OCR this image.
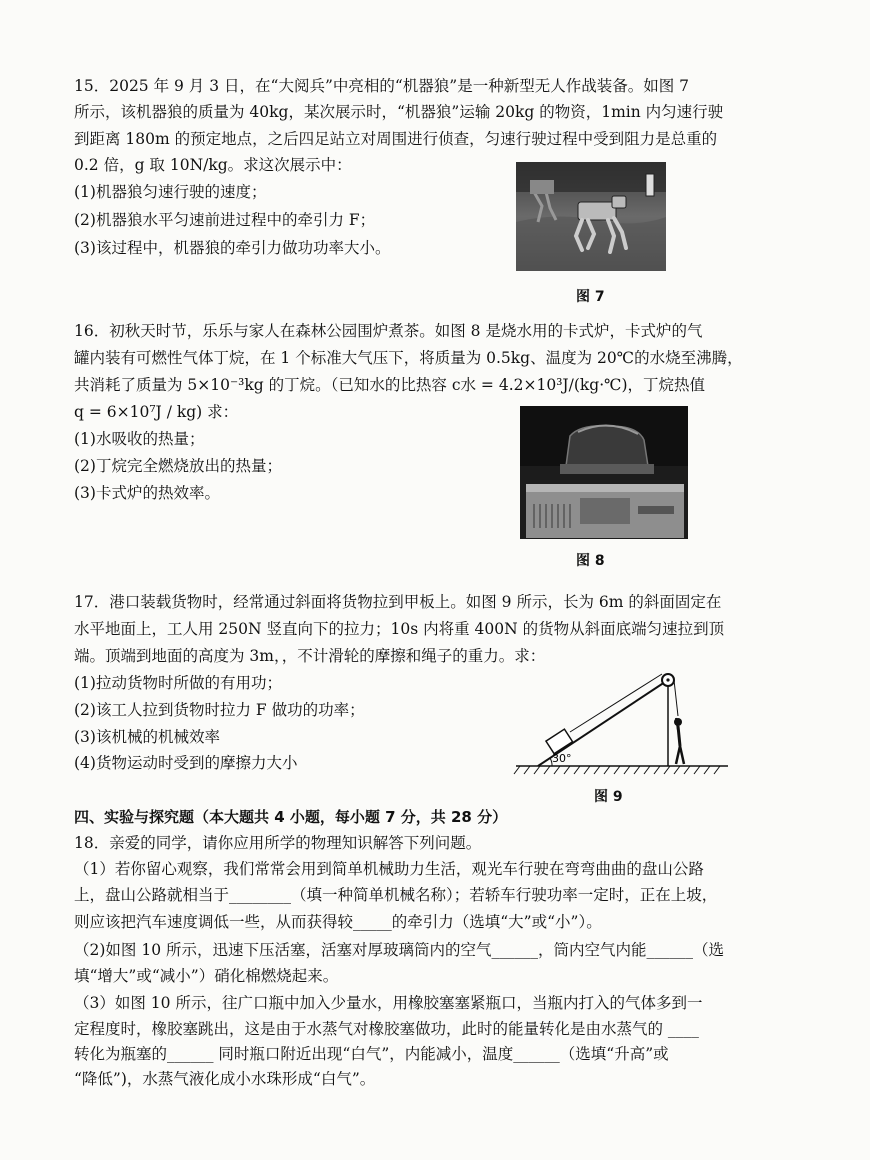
15．2025 年 9 月 3 日，在“大阅兵”中亮相的“机器狼”是一种新型无人作战装备。如图 7
所示，该机器狼的质量为 40kg，某次展示时，“机器狼”运输 20kg 的物资，1min 内匀速行驶
到距离 180m 的预定地点，之后四足站立对周围进行侦查，匀速行驶过程中受到阻力是总重的
0.2 倍，g 取 10N/kg。求这次展示中：
(1)机器狼匀速行驶的速度；
(2)机器狼水平匀速前进过程中的牵引力 F；
(3)该过程中，机器狼的牵引力做功功率大小。
图 7
16．初秋天时节，乐乐与家人在森林公园围炉煮茶。如图 8 是烧水用的卡式炉，卡式炉的气
罐内装有可燃性气体丁烷，在 1 个标准大气压下，将质量为 0.5kg、温度为 20℃的水烧至沸腾，
共消耗了质量为 5×10⁻³kg 的丁烷。（已知水的比热容 c水 = 4.2×10³J/(kg·℃)，丁烷热值
q = 6×10⁷J / kg) 求：
(1)水吸收的热量；
(2)丁烷完全燃烧放出的热量；
(3)卡式炉的热效率。
图 8
17．港口装载货物时，经常通过斜面将货物拉到甲板上。如图 9 所示，长为 6m 的斜面固定在
水平地面上，工人用 250N 竖直向下的拉力；10s 内将重 400N 的货物从斜面底端匀速拉到顶
端。顶端到地面的高度为 3m，，不计滑轮的摩擦和绳子的重力。求：
(1)拉动货物时所做的有用功；
(2)该工人拉到货物时拉力 F 做功的功率；
(3)该机械的机械效率
(4)货物运动时受到的摩擦力大小	30°
图 9
四、实验与探究题（本大题共 4 小题，每小题 7 分，共 28 分）
18．亲爱的同学，请你应用所学的物理知识解答下列问题。
（1）若你留心观察，我们常常会用到简单机械助力生活，观光车行驶在弯弯曲曲的盘山公路
上，盘山公路就相当于________（填一种简单机械名称）；若轿车行驶功率一定时，正在上坡，
则应该把汽车速度调低一些，从而获得较_____的牵引力（选填“大”或“小”）。
（2)如图 10 所示，迅速下压活塞，活塞对厚玻璃筒内的空气______，筒内空气内能______（选
填“增大”或“减小”）硝化棉燃烧起来。
（3）如图 10 所示，往广口瓶中加入少量水，用橡胶塞塞紧瓶口，当瓶内打入的气体多到一
定程度时，橡胶塞跳出，这是由于水蒸气对橡胶塞做功，此时的能量转化是由水蒸气的 ____
转化为瓶塞的______ 同时瓶口附近出现“白气”，内能减小，温度______（选填“升高”或
“降低”)，水蒸气液化成小水珠形成“白气”。
